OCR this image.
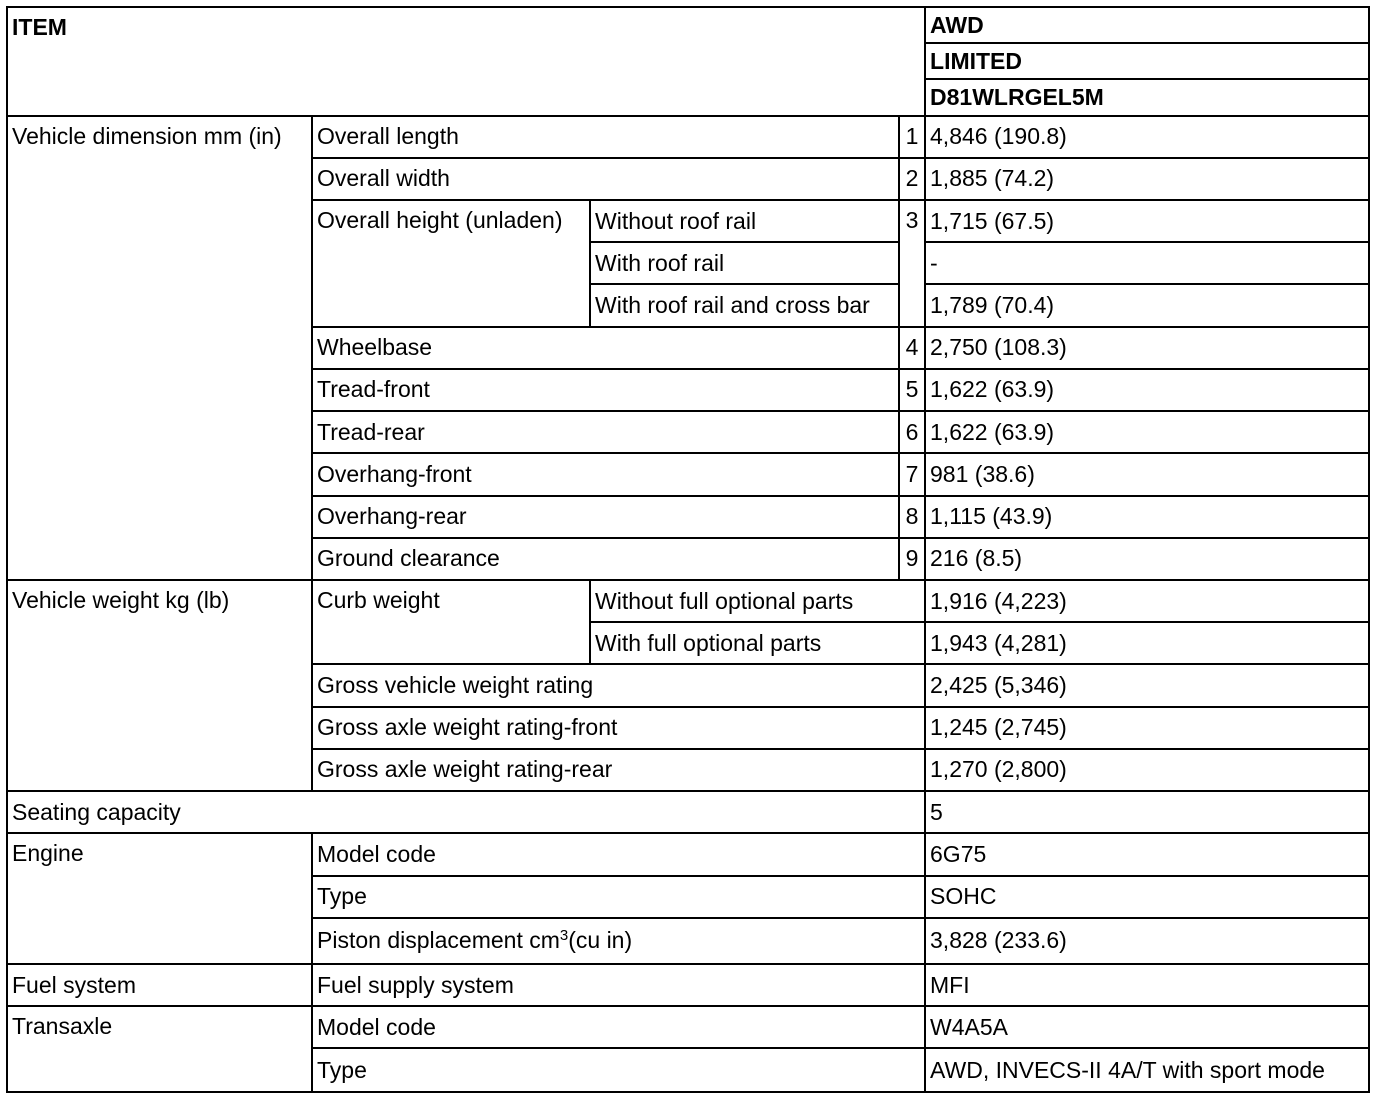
ITEM				AWD
				LIMITED
				D81WLRGEL5M
Vehicle dimension mm (in)	Overall length		1	4,846 (190.8)
	Overall width		2	1,885 (74.2)
	Overall height (unladen)	Without roof rail	3	1,715 (67.5)
		With roof rail		-
		With roof rail and cross bar		1,789 (70.4)
	Wheelbase		4	2,750 (108.3)
	Tread-front		5	1,622 (63.9)
	Tread-rear		6	1,622 (63.9)
	Overhang-front		7	981 (38.6)
	Overhang-rear		8	1,115 (43.9)
	Ground clearance		9	216 (8.5)
Vehicle weight kg (lb)	Curb weight	Without full optional parts		1,916 (4,223)
		With full optional parts		1,943 (4,281)
	Gross vehicle weight rating			2,425 (5,346)
	Gross axle weight rating-front			1,245 (2,745)
	Gross axle weight rating-rear			1,270 (2,800)
Seating capacity				5
Engine	Model code			6G75
	Type			SOHC
	Piston displacement $cm^3(cu$ in)			3,828 (233.6)
Fuel system	Fuel supply system			MFI
Transaxle	Model code			W4A5A
	Type			AWD, INVECS-II 4A/T with sport mode
